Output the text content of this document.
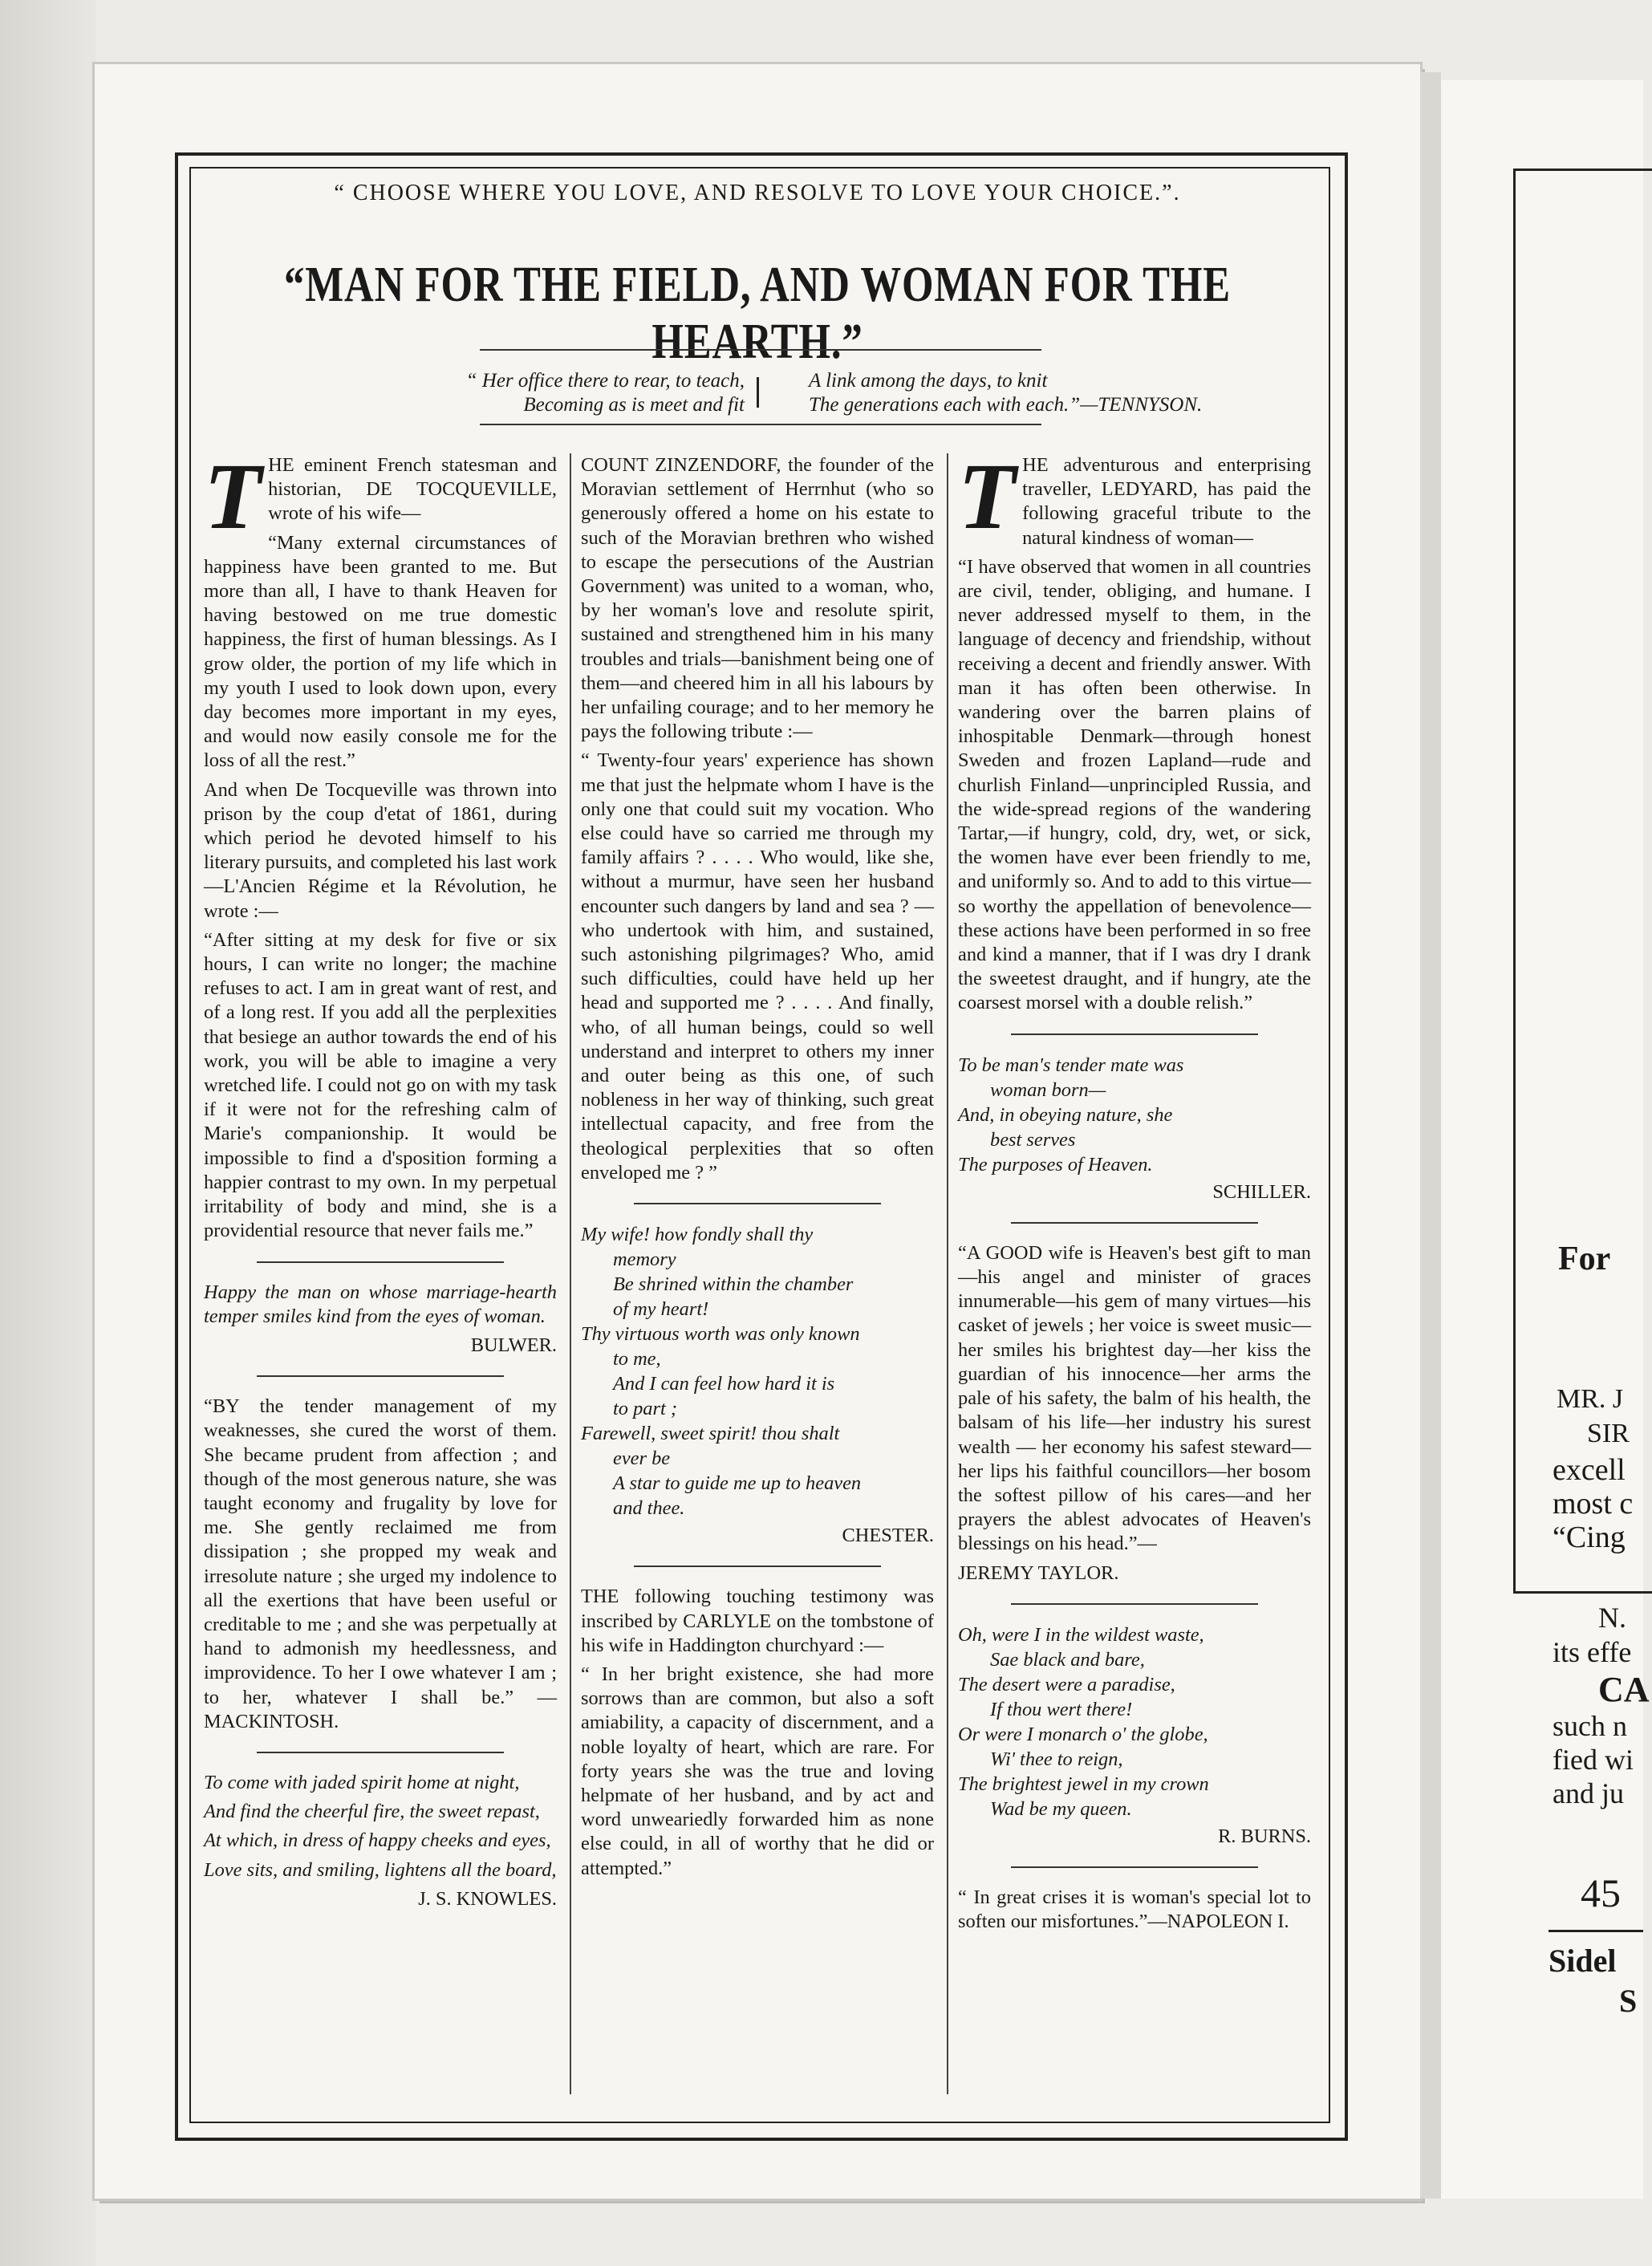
“ CHOOSE WHERE YOU LOVE, AND RESOLVE TO LOVE YOUR CHOICE.”.
“MAN FOR THE FIELD, AND WOMAN FOR THE HEARTH.”
“ Her office there to rear, to teach,
Becoming as is meet and fit
A link among the days, to knit
The generations each with each.”—TENNYSON.

THE eminent French statesman and historian, DE TOCQUEVILLE, wrote of his wife—

“Many external circumstances of happiness have been granted to me. But more than all, I have to thank Heaven for having bestowed on me true domestic happiness, the first of human blessings. As I grow older, the portion of my life which in my youth I used to look down upon, every day becomes more important in my eyes, and would now easily console me for the loss of all the rest.”

And when De Tocqueville was thrown into prison by the coup d'etat of 1861, during which period he devoted himself to his literary pursuits, and completed his last work—L'Ancien Régime et la Révolution, he wrote :—

“After sitting at my desk for five or six hours, I can write no longer; the machine refuses to act. I am in great want of rest, and of a long rest. If you add all the perplexities that besiege an author towards the end of his work, you will be able to imagine a very wretched life. I could not go on with my task if it were not for the refreshing calm of Marie's companionship. It would be impossible to find a d'sposition forming a happier contrast to my own. In my perpetual irritability of body and mind, she is a providential resource that never fails me.”

Happy the man on whose marriage-hearth temper smiles kind from the eyes of woman.

BULWER.

“BY the tender management of my weaknesses, she cured the worst of them. She became prudent from affection ; and though of the most generous nature, she was taught economy and frugality by love for me. She gently reclaimed me from dissipation ; she propped my weak and irresolute nature ; she urged my indolence to all the exertions that have been useful or creditable to me ; and she was perpetually at hand to admonish my heedlessness, and improvidence. To her I owe whatever I am ; to her, whatever I shall be.” —MACKINTOSH.

To come with jaded spirit home at night,

And find the cheerful fire, the sweet repast,

At which, in dress of happy cheeks and eyes,

Love sits, and smiling, lightens all the board,

J. S. KNOWLES.

COUNT ZINZENDORF, the founder of the Moravian settlement of Herrnhut (who so generously offered a home on his estate to such of the Moravian brethren who wished to escape the persecutions of the Austrian Government) was united to a woman, who, by her woman's love and resolute spirit, sustained and strengthened him in his many troubles and trials—banishment being one of them—and cheered him in all his labours by her unfailing courage; and to her memory he pays the following tribute :—

“ Twenty-four years' experience has shown me that just the helpmate whom I have is the only one that could suit my vocation. Who else could have so carried me through my family affairs ? . . . . Who would, like she, without a murmur, have seen her husband encounter such dangers by land and sea ? — who undertook with him, and sustained, such astonishing pilgrimages? Who, amid such difficulties, could have held up her head and supported me ? . . . . And finally, who, of all human beings, could so well understand and interpret to others my inner and outer being as this one, of such nobleness in her way of thinking, such great intellectual capacity, and free from the theological perplexities that so often enveloped me ? ”

My wife! how fondly shall thy
memory
Be shrined within the chamber
of my heart!
Thy virtuous worth was only known
to me,
And I can feel how hard it is
to part ;
Farewell, sweet spirit! thou shalt
ever be
A star to guide me up to heaven
and thee.

CHESTER.

THE following touching testimony was inscribed by CARLYLE on the tombstone of his wife in Haddington churchyard :—

“ In her bright existence, she had more sorrows than are common, but also a soft amiability, a capacity of discernment, and a noble loyalty of heart, which are rare. For forty years she was the true and loving helpmate of her husband, and by act and word unweariedly forwarded him as none else could, in all of worthy that he did or attempted.”

THE adventurous and enterprising traveller, LEDYARD, has paid the following graceful tribute to the natural kindness of woman—

“I have observed that women in all countries are civil, tender, obliging, and humane. I never addressed myself to them, in the language of decency and friendship, without receiving a decent and friendly answer. With man it has often been otherwise. In wandering over the barren plains of inhospitable Denmark—through honest Sweden and frozen Lapland—rude and churlish Finland—unprincipled Russia, and the wide-spread regions of the wandering Tartar,—if hungry, cold, dry, wet, or sick, the women have ever been friendly to me, and uniformly so. And to add to this virtue—so worthy the appellation of benevolence—these actions have been performed in so free and kind a manner, that if I was dry I drank the sweetest draught, and if hungry, ate the coarsest morsel with a double relish.”

To be man's tender mate was
woman born—
And, in obeying nature, she
best serves
The purposes of Heaven.

SCHILLER.

“A GOOD wife is Heaven's best gift to man—his angel and minister of graces innumerable—his gem of many virtues—his casket of jewels ; her voice is sweet music—her smiles his brightest day—her kiss the guardian of his innocence—her arms the pale of his safety, the balm of his health, the balsam of his life—her industry his surest wealth — her economy his safest steward—her lips his faithful councillors—her bosom the softest pillow of his cares—and her prayers the ablest advocates of Heaven's blessings on his head.”—

JEREMY TAYLOR.

Oh, were I in the wildest waste,
Sae black and bare,
The desert were a paradise,
If thou wert there!
Or were I monarch o' the globe,
Wi' thee to reign,
The brightest jewel in my crown
Wad be my queen.

R. BURNS.

“ In great crises it is woman's special lot to soften our misfortunes.”—NAPOLEON I.

For
MR. J
SIR
excell
most c
“Cing
N.
its effe
CA
such n
fied wi
and ju
45
Sidel
S
